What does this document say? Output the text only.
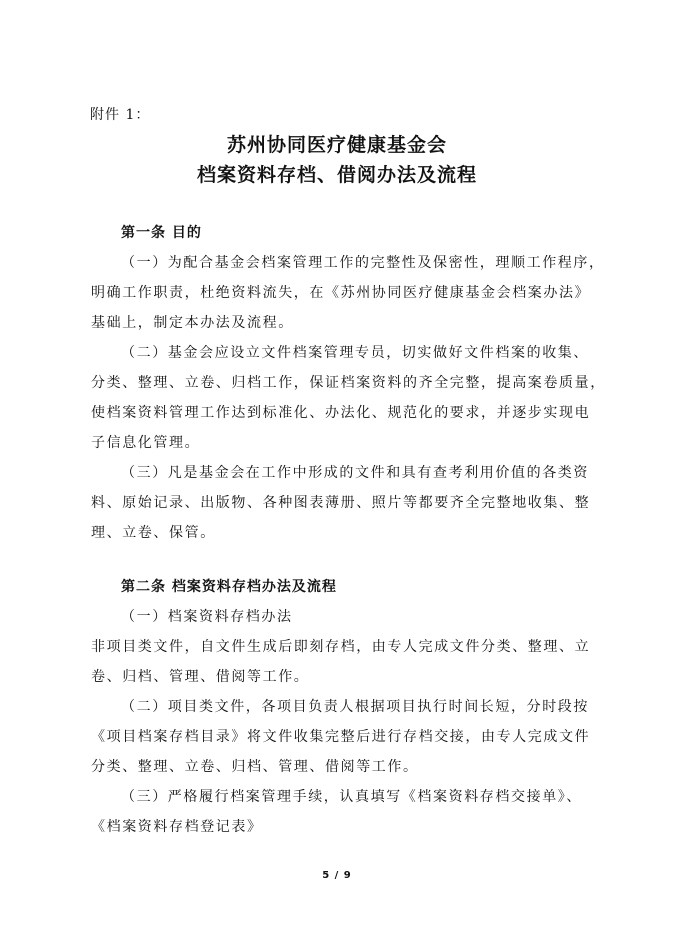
附件 1：
苏州协同医疗健康基金会
档案资料存档、借阅办法及流程
第一条 目的
（一）为配合基金会档案管理工作的完整性及保密性，理顺工作程序，
明确工作职责，杜绝资料流失，在《苏州协同医疗健康基金会档案办法》
基础上，制定本办法及流程。
（二）基金会应设立文件档案管理专员，切实做好文件档案的收集、
分类、整理、立卷、归档工作，保证档案资料的齐全完整，提高案卷质量，
使档案资料管理工作达到标准化、办法化、规范化的要求，并逐步实现电
子信息化管理。
（三）凡是基金会在工作中形成的文件和具有查考利用价值的各类资
料、原始记录、出版物、各种图表薄册、照片等都要齐全完整地收集、整
理、立卷、保管。
第二条 档案资料存档办法及流程
（一）档案资料存档办法
非项目类文件，自文件生成后即刻存档，由专人完成文件分类、整理、立
卷、归档、管理、借阅等工作。
（二）项目类文件，各项目负责人根据项目执行时间长短，分时段按
《项目档案存档目录》将文件收集完整后进行存档交接，由专人完成文件
分类、整理、立卷、归档、管理、借阅等工作。
（三）严格履行档案管理手续，认真填写《档案资料存档交接单》、
《档案资料存档登记表》
5 / 9
